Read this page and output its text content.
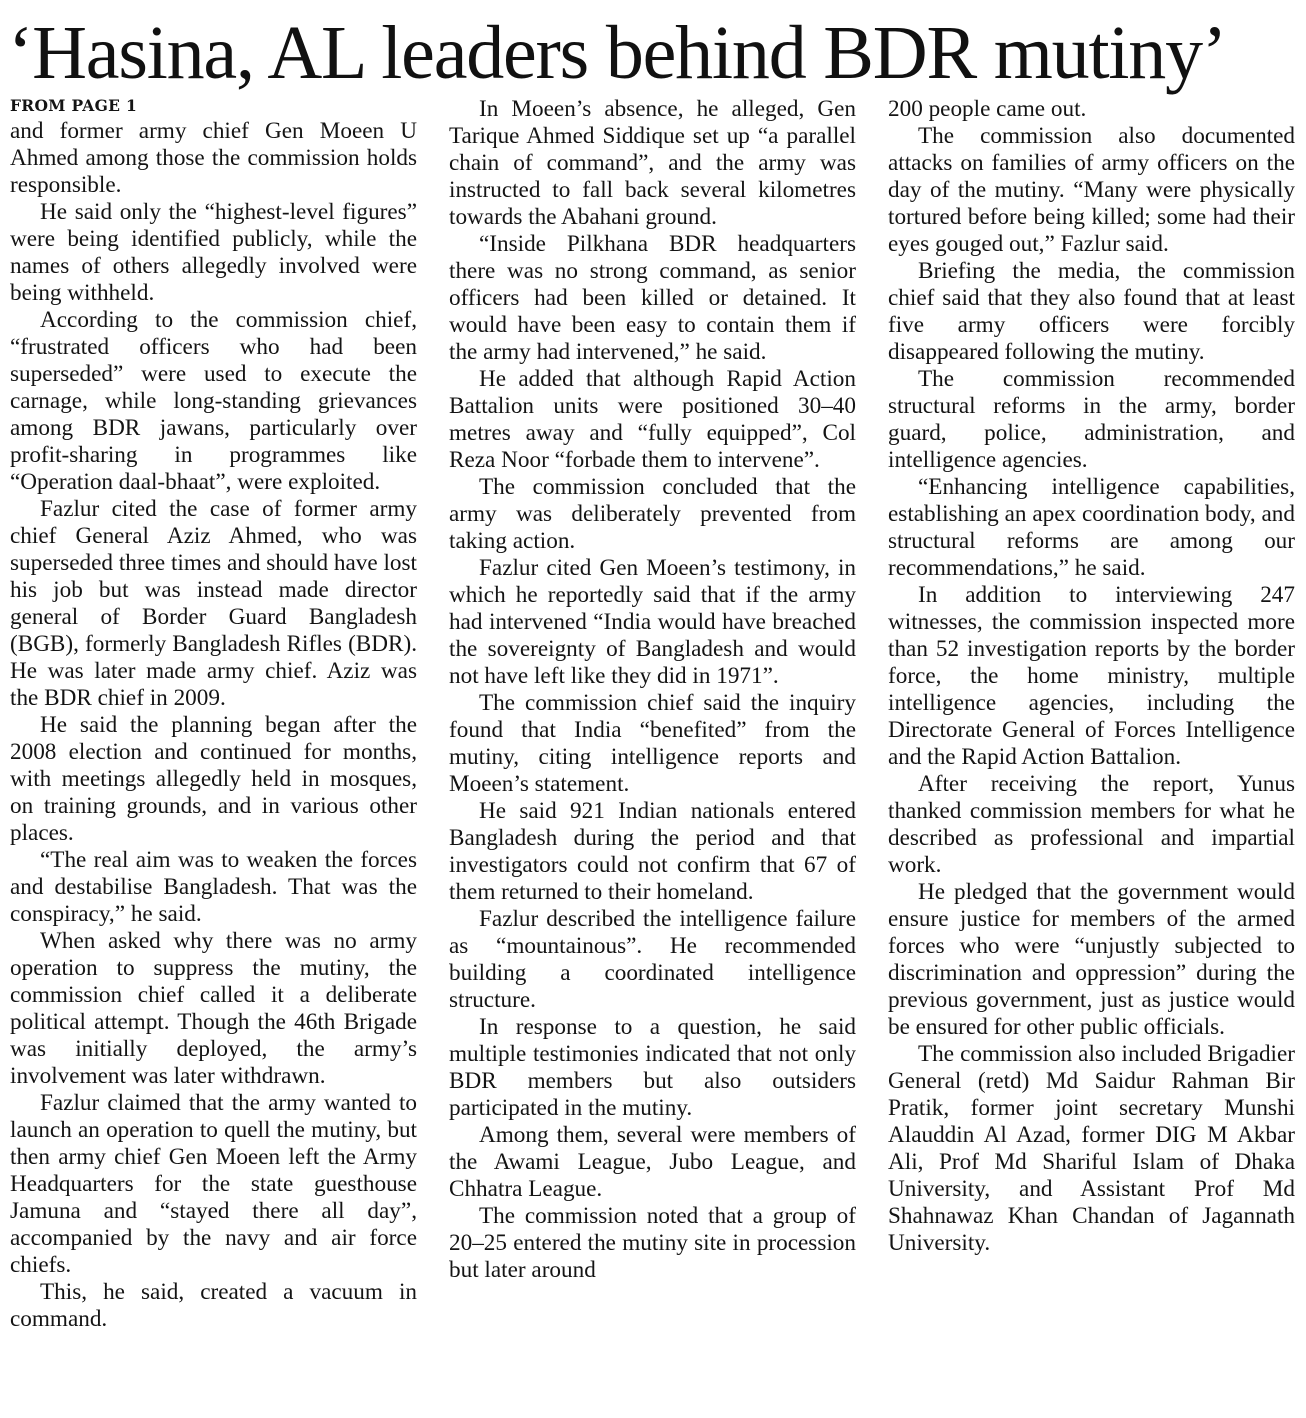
‘Hasina, AL leaders behind BDR mutiny’
FROM PAGE 1

and former army chief Gen Moeen U Ahmed among those the commission holds responsible.

He said only the “highest-level figures” were being identified publicly, while the names of others allegedly involved were being withheld.

According to the commission chief, “frustrated officers who had been superseded” were used to execute the carnage, while long-standing grievances among BDR jawans, particularly over profit-sharing in programmes like “Operation daal-bhaat”, were exploited.

Fazlur cited the case of former army chief General Aziz Ahmed, who was superseded three times and should have lost his job but was instead made director general of Border Guard Bangladesh (BGB), formerly Bangladesh Rifles (BDR). He was later made army chief. Aziz was the BDR chief in 2009.

He said the planning began after the 2008 election and continued for months, with meetings allegedly held in mosques, on training grounds, and in various other places.

“The real aim was to weaken the forces and destabilise Bangladesh. That was the conspiracy,” he said.

When asked why there was no army operation to suppress the mutiny, the commission chief called it a deliberate political attempt. Though the 46th Brigade was initially deployed, the army’s involvement was later withdrawn.

Fazlur claimed that the army wanted to launch an operation to quell the mutiny, but then army chief Gen Moeen left the Army Headquarters for the state guesthouse Jamuna and “stayed there all day”, accompanied by the navy and air force chiefs.

This, he said, created a vacuum in command.

In Moeen’s absence, he alleged, Gen Tarique Ahmed Siddique set up “a parallel chain of command”, and the army was instructed to fall back several kilometres towards the Abahani ground.

“Inside Pilkhana BDR headquarters there was no strong command, as senior officers had been killed or detained. It would have been easy to contain them if the army had intervened,” he said.

He added that although Rapid Action Battalion units were positioned 30–40 metres away and “fully equipped”, Col Reza Noor “forbade them to intervene”.

The commission concluded that the army was deliberately prevented from taking action.

Fazlur cited Gen Moeen’s testimony, in which he reportedly said that if the army had intervened “India would have breached the sovereignty of Bangladesh and would not have left like they did in 1971”.

The commission chief said the inquiry found that India “benefited” from the mutiny, citing intelligence reports and Moeen’s statement.

He said 921 Indian nationals entered Bangladesh during the period and that investigators could not confirm that 67 of them returned to their homeland.

Fazlur described the intelligence failure as “mountainous”. He recommended building a coordinated intelligence structure.

In response to a question, he said multiple testimonies indicated that not only BDR members but also outsiders participated in the mutiny.

Among them, several were members of the Awami League, Jubo League, and Chhatra League.

The commission noted that a group of 20–25 entered the mutiny site in procession but later around

200 people came out.

The commission also documented attacks on families of army officers on the day of the mutiny. “Many were physically tortured before being killed; some had their eyes gouged out,” Fazlur said.

Briefing the media, the commission chief said that they also found that at least five army officers were forcibly disappeared following the mutiny.

The commission recommended structural reforms in the army, border guard, police, administration, and intelligence agencies.

“Enhancing intelligence capabilities, establishing an apex coordination body, and structural reforms are among our recommendations,” he said.

In addition to interviewing 247 witnesses, the commission inspected more than 52 investigation reports by the border force, the home ministry, multiple intelligence agencies, including the Directorate General of Forces Intelligence and the Rapid Action Battalion.

After receiving the report, Yunus thanked commission members for what he described as professional and impartial work.

He pledged that the government would ensure justice for members of the armed forces who were “unjustly subjected to discrimination and oppression” during the previous government, just as justice would be ensured for other public officials.

The commission also included Brigadier General (retd) Md Saidur Rahman Bir Pratik, former joint secretary Munshi Alauddin Al Azad, former DIG M Akbar Ali, Prof Md Shariful Islam of Dhaka University, and Assistant Prof Md Shahnawaz Khan Chandan of Jagannath University.
